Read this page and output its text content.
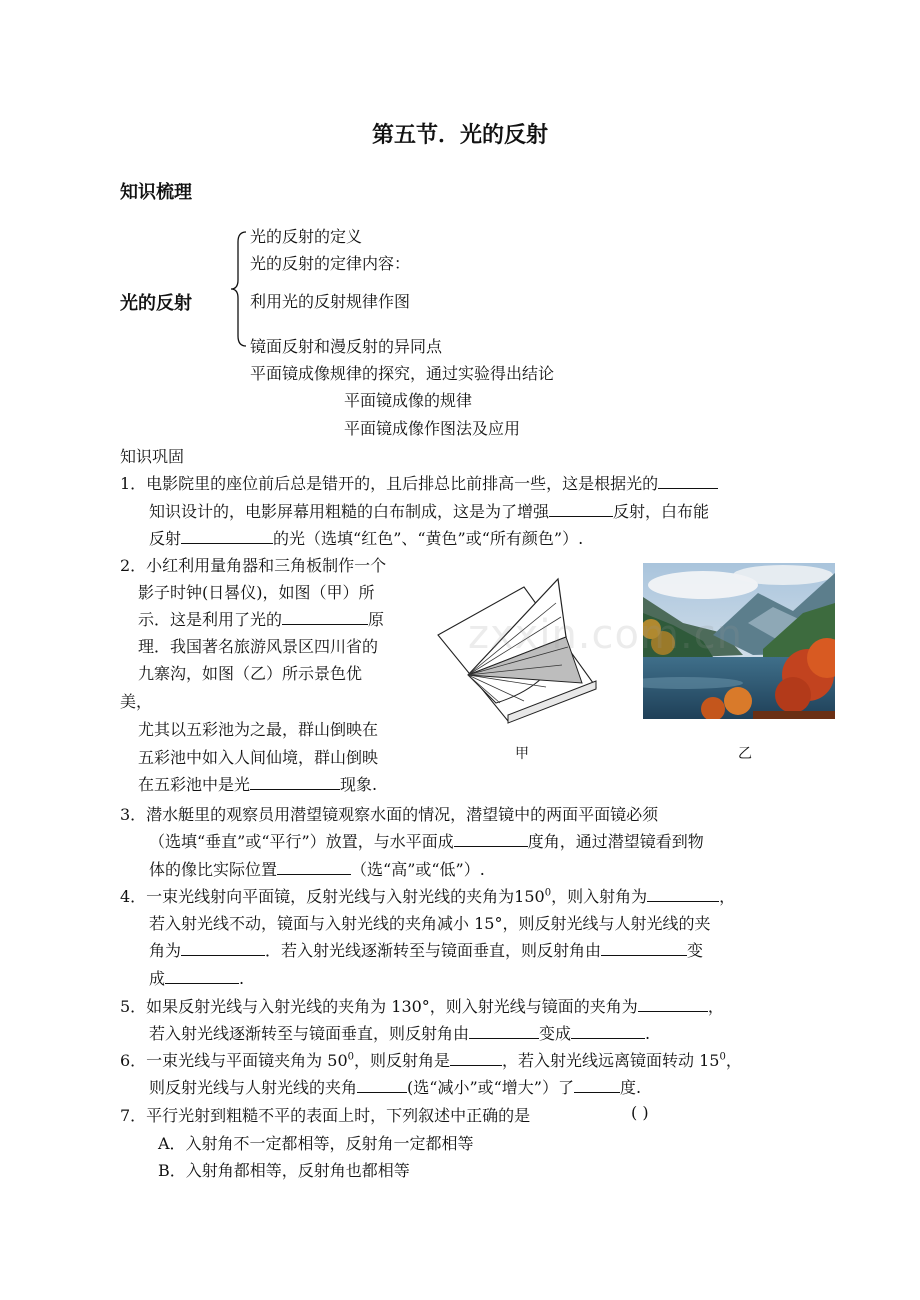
第五节．光的反射
知识梳理
光的反射
光的反射的定义
光的反射的定律内容：
利用光的反射规律作图
镜面反射和漫反射的异同点
平面镜成像规律的探究，通过实验得出结论
平面镜成像的规律
平面镜成像作图法及应用
知识巩固
1．电影院里的座位前后总是错开的，且后排总比前排高一些，这是根据光的
知识设计的，电影屏幕用粗糙的白布制成，这是为了增强	反射，白布能
反射	的光（选填“红色”、“黄色”或“所有颜色”）.
2．小红利用量角器和三角板制作一个
影子时钟(日晷仪)，如图（甲）所
示．这是利用了光的	原
理．我国著名旅游风景区四川省的
九寨沟，如图（乙）所示景色优
美，
尤其以五彩池为之最，群山倒映在
五彩池中如入人间仙境，群山倒映
在五彩池中是光	现象.
甲	乙
zxxin.com.cn
3．潜水艇里的观察员用潜望镜观察水面的情况，潜望镜中的两面平面镜必须
（选填“垂直”或“平行”）放置，与水平面成	度角，通过潜望镜看到物
体的像比实际位置	（选“高”或“低”）.
4．一束光线射向平面镜，反射光线与入射光线的夹角为$150^0$，则入射角为	，
若入射光线不动，镜面与入射光线的夹角减小 15°，则反射光线与人射光线的夹
角为	．若入射光线逐渐转至与镜面垂直，则反射角由	变
成	.
5．如果反射光线与入射光线的夹角为 130°，则入射光线与镜面的夹角为	，
若入射光线逐渐转至与镜面垂直，则反射角由	变成	.
6．一束光线与平面镜夹角为 $50^0$，则反射角是	，若入射光线远离镜面转动 $15^0$，
则反射光线与人射光线的夹角	(选“减小”或“增大”）了	度.
7．平行光射到粗糙不平的表面上时，下列叙述中正确的是	( )
A．入射角不一定都相等，反射角一定都相等
B．入射角都相等，反射角也都相等
